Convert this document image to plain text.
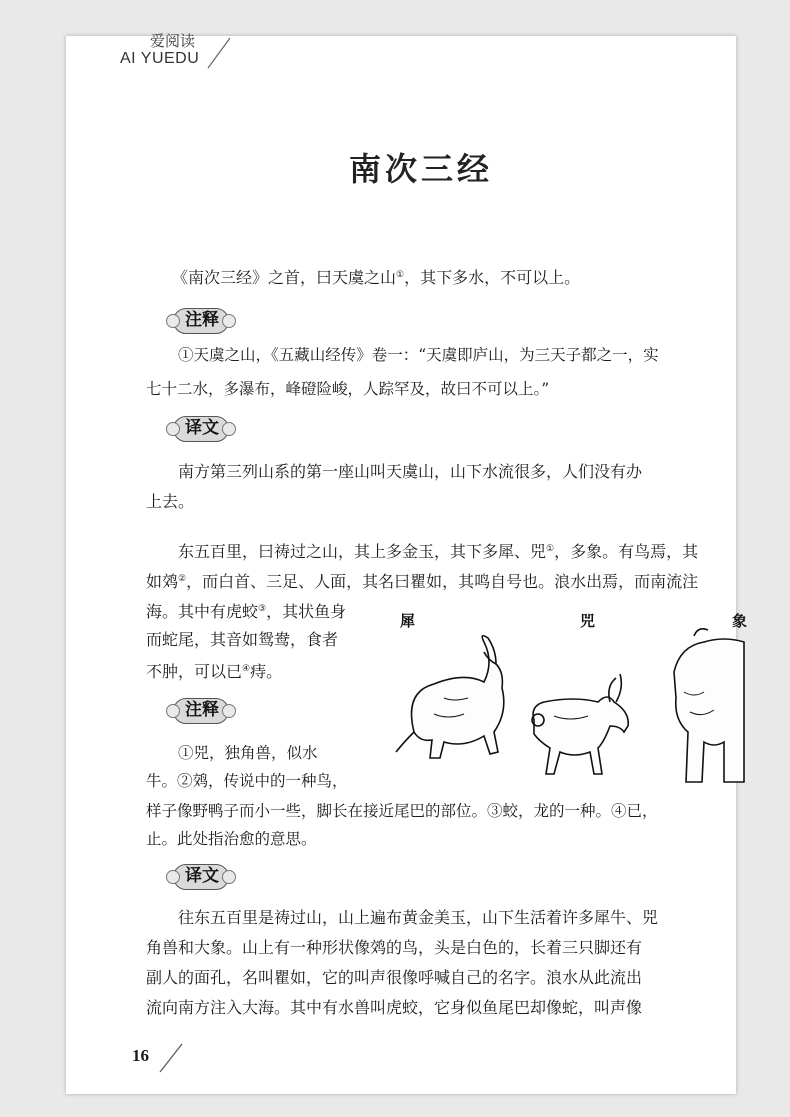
爱阅读
AI YUEDU
南次三经
《南次三经》之首，曰天虞之山①，其下多水，不可以上。
注释
①天虞之山，《五藏山经传》卷一：“天虞即庐山，为三天子都之一，实
七十二水，多瀑布，峰磴险峻，人踪罕及，故曰不可以上。”
译文
南方第三列山系的第一座山叫天虞山，山下水流很多，人们没有办
上去。
东五百里，曰祷过之山，其上多金玉，其下多犀、兕①，多象。有鸟焉，其
如䴔②，而白首、三足、人面，其名曰瞿如，其鸣自号也。浪水出焉，而南流注
海。其中有虎蛟③，其状鱼身
而蛇尾，其音如鸳鸯，食者
不肿，可以已④痔。
犀	兕	象
注释
①兕，独角兽，似水
牛。②䴔，传说中的一种鸟，
样子像野鸭子而小一些，脚长在接近尾巴的部位。③蛟，龙的一种。④已，
止。此处指治愈的意思。
译文
往东五百里是祷过山，山上遍布黄金美玉，山下生活着许多犀牛、兕
角兽和大象。山上有一种形状像䴔的鸟，头是白色的，长着三只脚还有
副人的面孔，名叫瞿如，它的叫声很像呼喊自己的名字。浪水从此流出
流向南方注入大海。其中有水兽叫虎蛟，它身似鱼尾巴却像蛇，叫声像
16
